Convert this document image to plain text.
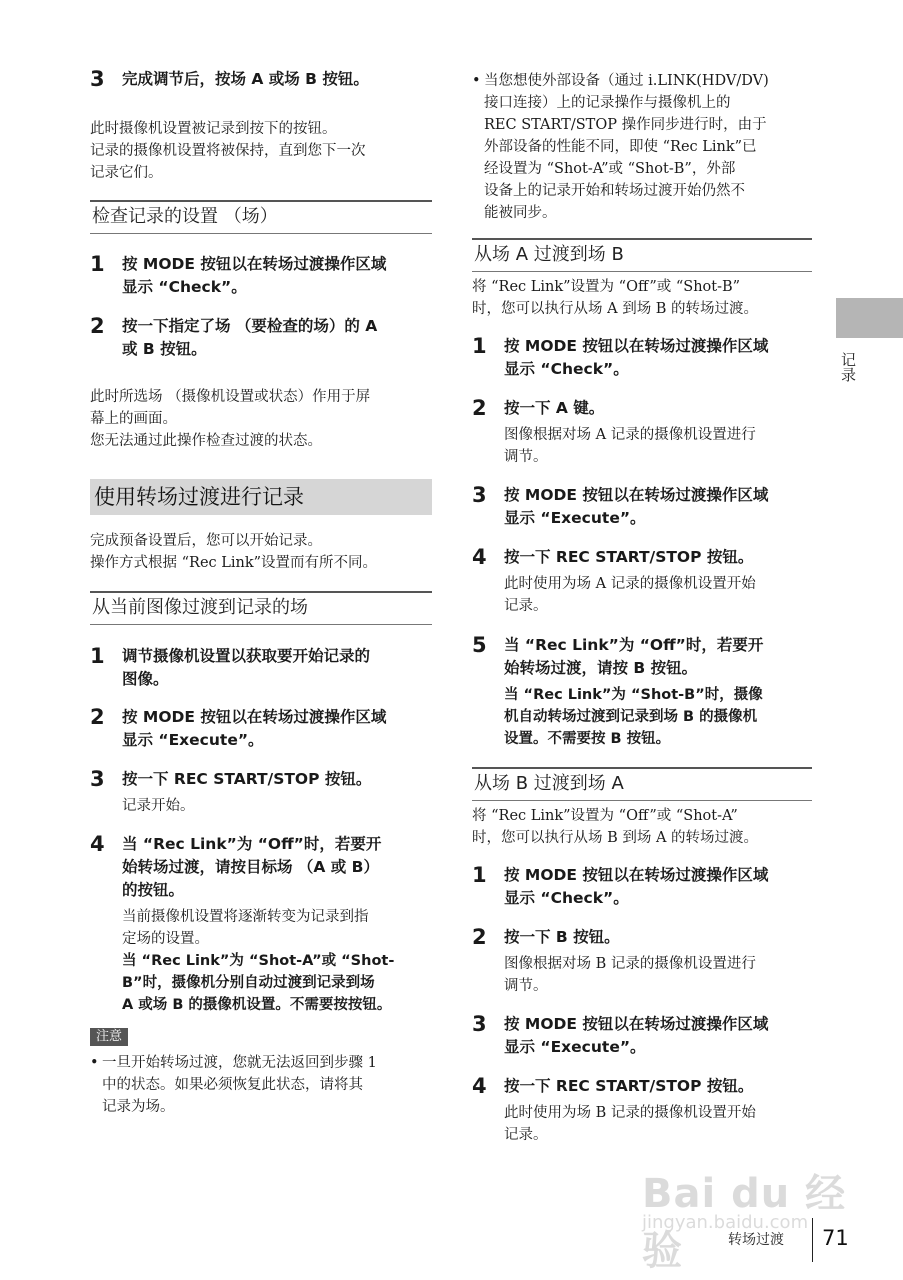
3	完成调节后，按场 A 或场 B 按钮。
此时摄像机设置被记录到按下的按钮。
记录的摄像机设置将被保持，直到您下一次
记录它们。
检查记录的设置 （场）
1	按 MODE 按钮以在转场过渡操作区域
显示 “Check”。
2	按一下指定了场 （要检查的场）的 A
或 B 按钮。
此时所选场 （摄像机设置或状态）作用于屏
幕上的画面。
您无法通过此操作检查过渡的状态。
使用转场过渡进行记录
完成预备设置后，您可以开始记录。
操作方式根据 “Rec Link”设置而有所不同。
从当前图像过渡到记录的场
1	调节摄像机设置以获取要开始记录的
图像。
2	按 MODE 按钮以在转场过渡操作区域
显示 “Execute”。
3	按一下 REC START/STOP 按钮。
记录开始。
4	当 “Rec Link”为 “Off”时，若要开
始转场过渡，请按目标场 （A 或 B）
的按钮。
当前摄像机设置将逐渐转变为记录到指
定场的设置。
当 “Rec Link”为 “Shot-A”或 “Shot-
B”时，摄像机分别自动过渡到记录到场
A 或场 B 的摄像机设置。不需要按按钮。
注意
• 一旦开始转场过渡，您就无法返回到步骤 1
中的状态。如果必须恢复此状态，请将其
记录为场。
• 当您想使外部设备（通过 i.LINK(HDV/DV)
接口连接）上的记录操作与摄像机上的
REC START/STOP 操作同步进行时，由于
外部设备的性能不同，即使 “Rec Link”已
经设置为 “Shot-A”或 “Shot-B”，外部
设备上的记录开始和转场过渡开始仍然不
能被同步。
从场 A 过渡到场 B
将 “Rec Link”设置为 “Off”或 “Shot-B”
时，您可以执行从场 A 到场 B 的转场过渡。
1	按 MODE 按钮以在转场过渡操作区域
显示 “Check”。
2	按一下 A 键。
图像根据对场 A 记录的摄像机设置进行
调节。
3	按 MODE 按钮以在转场过渡操作区域
显示 “Execute”。
4	按一下 REC START/STOP 按钮。
此时使用为场 A 记录的摄像机设置开始
记录。
5	当 “Rec Link”为 “Off”时，若要开
始转场过渡，请按 B 按钮。
当 “Rec Link”为 “Shot-B”时，摄像
机自动转场过渡到记录到场 B 的摄像机
设置。不需要按 B 按钮。
从场 B 过渡到场 A
将 “Rec Link”设置为 “Off”或 “Shot-A”
时，您可以执行从场 B 到场 A 的转场过渡。
1	按 MODE 按钮以在转场过渡操作区域
显示 “Check”。
2	按一下 B 按钮。
图像根据对场 B 记录的摄像机设置进行
调节。
3	按 MODE 按钮以在转场过渡操作区域
显示 “Execute”。
4	按一下 REC START/STOP 按钮。
此时使用为场 B 记录的摄像机设置开始
记录。
记录
Bai du 经验
jingyan.baidu.com
转场过渡 71
